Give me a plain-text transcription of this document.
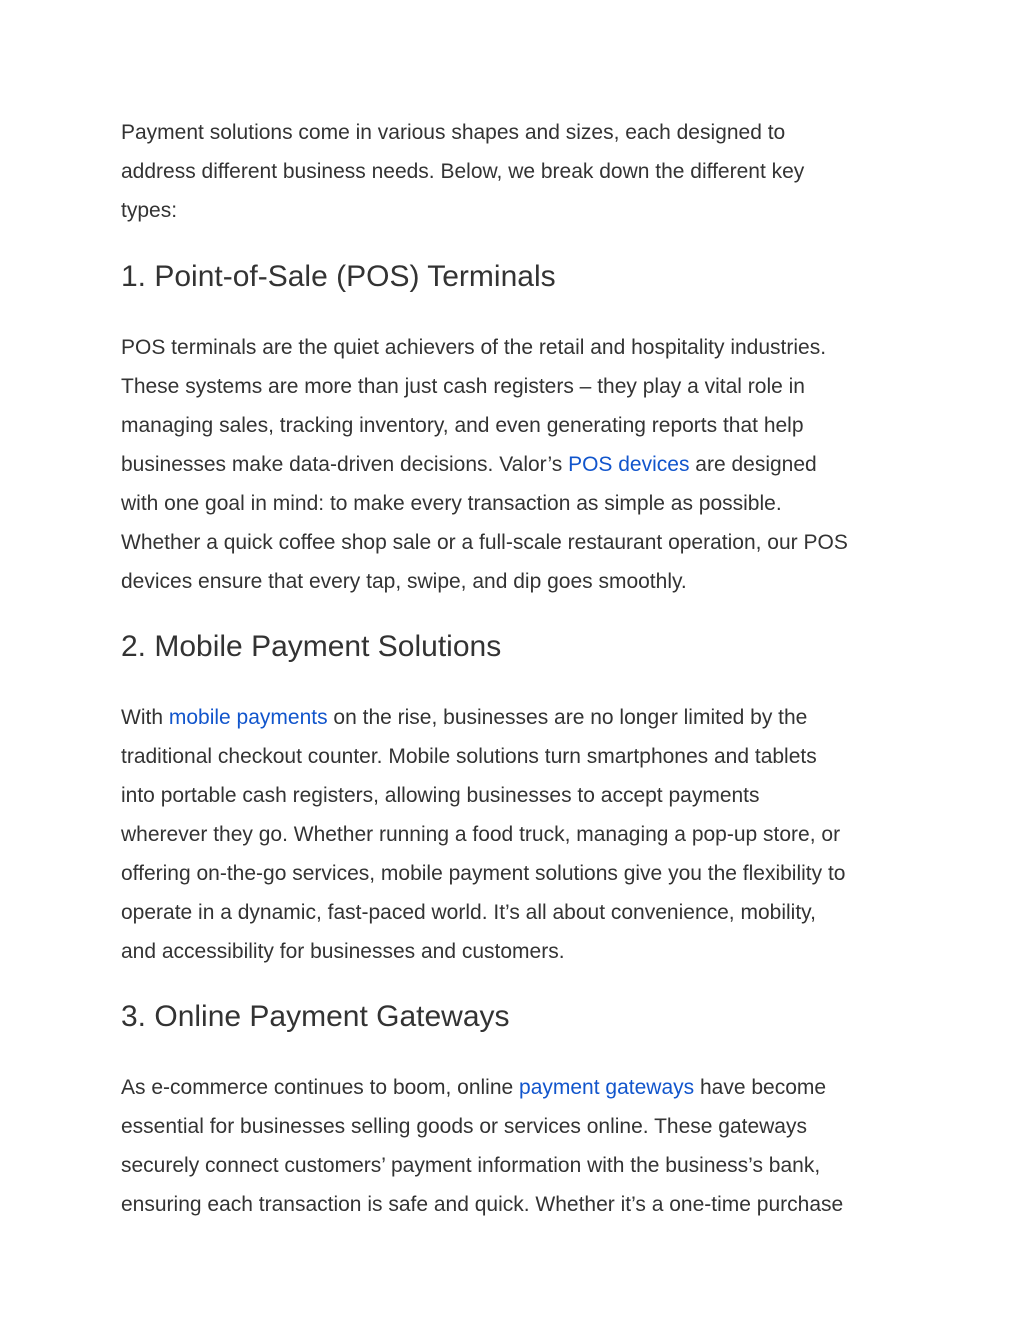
Payment solutions come in various shapes and sizes, each designed to
address different business needs. Below, we break down the different key
types:

1. Point-of-Sale (POS) Terminals

POS terminals are the quiet achievers of the retail and hospitality industries.
These systems are more than just cash registers – they play a vital role in
managing sales, tracking inventory, and even generating reports that help
businesses make data-driven decisions. Valor’s POS devices are designed
with one goal in mind: to make every transaction as simple as possible.
Whether a quick coffee shop sale or a full-scale restaurant operation, our POS
devices ensure that every tap, swipe, and dip goes smoothly.

2. Mobile Payment Solutions

With mobile payments on the rise, businesses are no longer limited by the
traditional checkout counter. Mobile solutions turn smartphones and tablets
into portable cash registers, allowing businesses to accept payments
wherever they go. Whether running a food truck, managing a pop-up store, or
offering on-the-go services, mobile payment solutions give you the flexibility to
operate in a dynamic, fast-paced world. It’s all about convenience, mobility,
and accessibility for businesses and customers.

3. Online Payment Gateways

As e-commerce continues to boom, online payment gateways have become
essential for businesses selling goods or services online. These gateways
securely connect customers’ payment information with the business’s bank,
ensuring each transaction is safe and quick. Whether it’s a one-time purchase
